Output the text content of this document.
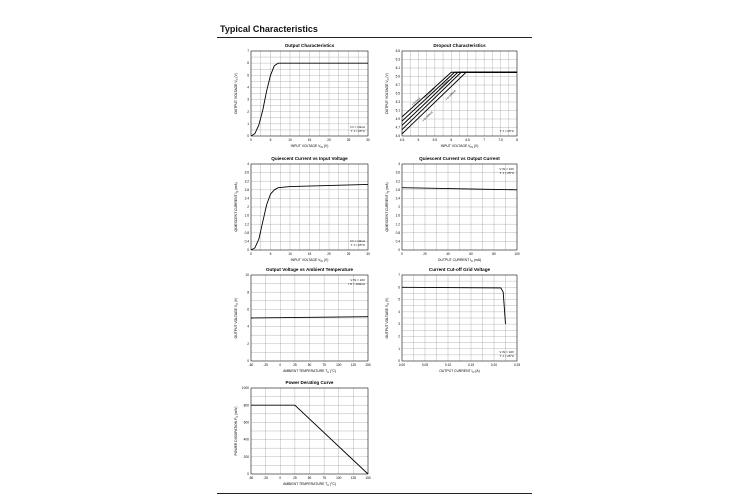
Typical Characteristics
Output Characteristics
0	5	10	15	20	25	30
0
1
2
3
4
5
6
7
INPUT VOLTAGE $V_{IN}$ (V)
OUTPUT VOLTAGE $V_O$ (V)
I O = 10mA
T J = 25°C
Dropout Characteristics
4.5	5	5.5	6	6.5	7	7.5	8
4.5
4.7
4.9
5.1
5.3
5.5
5.7
5.9
6.1
6.3
6.5
INPUT VOLTAGE $V_{IN}$ (V)
OUTPUT VOLTAGE $V_O$ (V)
I O=0mA
I O=100mA
I O=200mA
I O=300mA
I O=400mA
T J = 25°C
Quiescent Current vs Input Voltage
0	5	10	15	20	25	30
0
0.4
0.8
1.2
1.6
2
2.4
2.8
3.2
3.6
4
INPUT VOLTAGE $V_{IN}$ (V)
QUIESCENT CURRENT $I_Q$ (mA)
I O = 10mA
T J = 25°C
Quiescent Current vs Output Current
0	20	40	60	80	100
0
0.4
0.8
1.2
1.6
2
2.4
2.8
3.2
3.6
4
OUTPUT CURRENT $I_O$ (mA)
QUIESCENT CURRENT $I_Q$ (mA)
V IN = 10V
T J = 25°C
Output Voltage vs Ambient Temperature
-50	-25	0	25	50	75	100	125	150
0
2
4
6
8
10
AMBIENT TEMPERATURE $T_A$ (°C)
OUTPUT VOLTAGE $V_O$ (V)
V IN = 10V
I O = 100mA
Current Cut-off Grid Voltage
0.00	0.05	0.10	0.15	0.20	0.25
0
1
2
3
4
5
6
7
OUTPUT CURRENT $I_O$ (A)
OUTPUT VOLTAGE $V_O$ (V)
V IN = 10V
T J = 25°C
Power Derating Curve
-50	-25	0	25	50	75	100	125	150
0
200
400
600
800
1000
AMBIENT TEMPERATURE $T_A$ (°C)
POWER DISSIPATION $P_D$ (mW)
